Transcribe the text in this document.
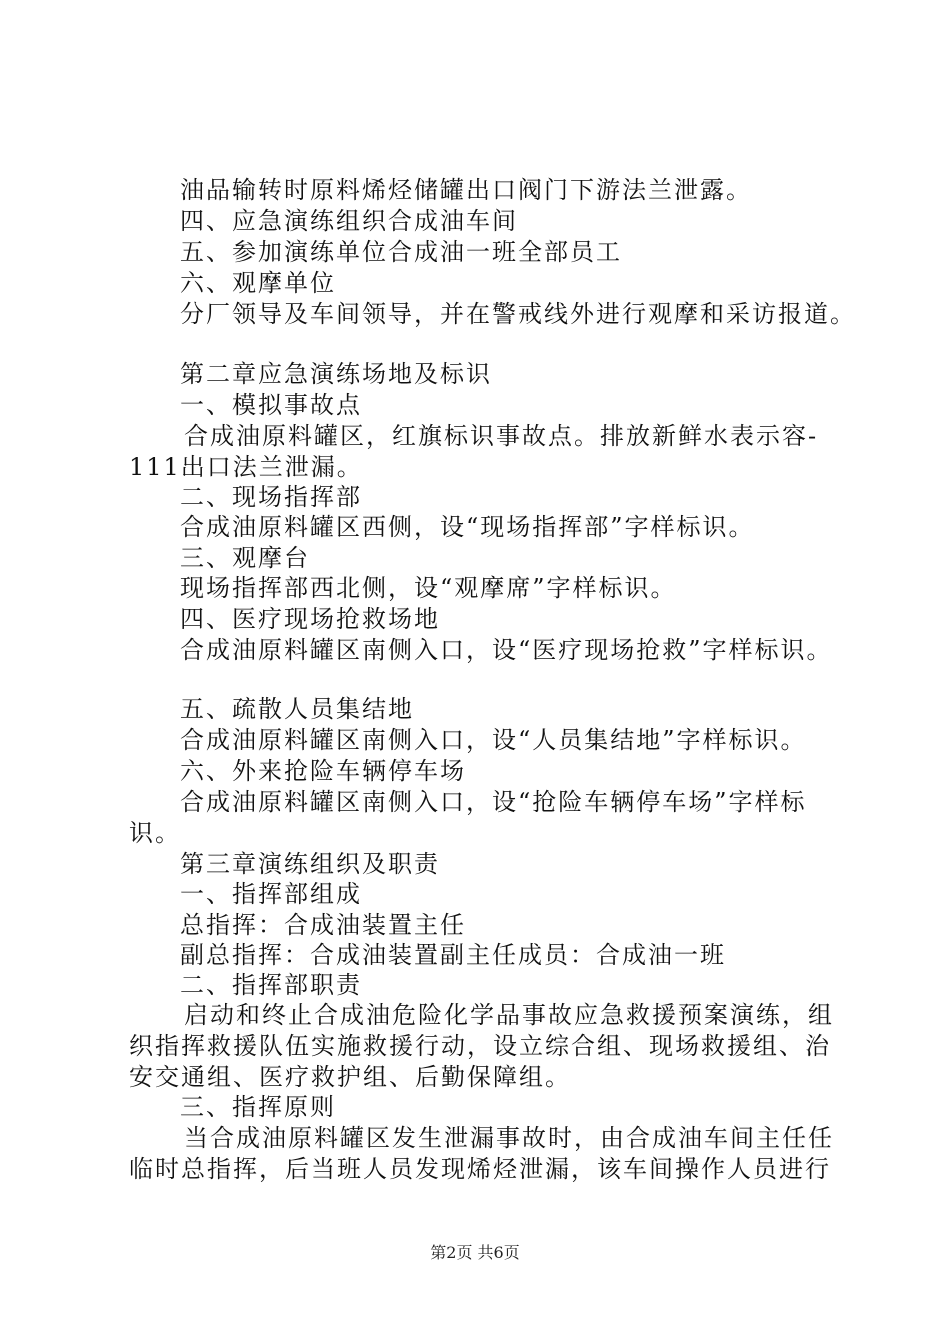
油品输转时原料烯烃储罐出口阀门下游法兰泄露。
四、应急演练组织合成油车间
五、参加演练单位合成油一班全部员工
六、观摩单位
分厂领导及车间领导，并在警戒线外进行观摩和采访报道。
第二章应急演练场地及标识
一、模拟事故点
合成油原料罐区，红旗标识事故点。排放新鲜水表示容-
111出口法兰泄漏。
二、现场指挥部
合成油原料罐区西侧，设“现场指挥部”字样标识。
三、观摩台
现场指挥部西北侧，设“观摩席”字样标识。
四、医疗现场抢救场地
合成油原料罐区南侧入口，设“医疗现场抢救”字样标识。
五、疏散人员集结地
合成油原料罐区南侧入口，设“人员集结地”字样标识。
六、外来抢险车辆停车场
合成油原料罐区南侧入口，设“抢险车辆停车场”字样标
识。
第三章演练组织及职责
一、指挥部组成
总指挥：合成油装置主任
副总指挥：合成油装置副主任成员：合成油一班
二、指挥部职责
启动和终止合成油危险化学品事故应急救援预案演练，组
织指挥救援队伍实施救援行动，设立综合组、现场救援组、治
安交通组、医疗救护组、后勤保障组。
三、指挥原则
当合成油原料罐区发生泄漏事故时，由合成油车间主任任
临时总指挥，后当班人员发现烯烃泄漏，该车间操作人员进行
第2页 共6页
